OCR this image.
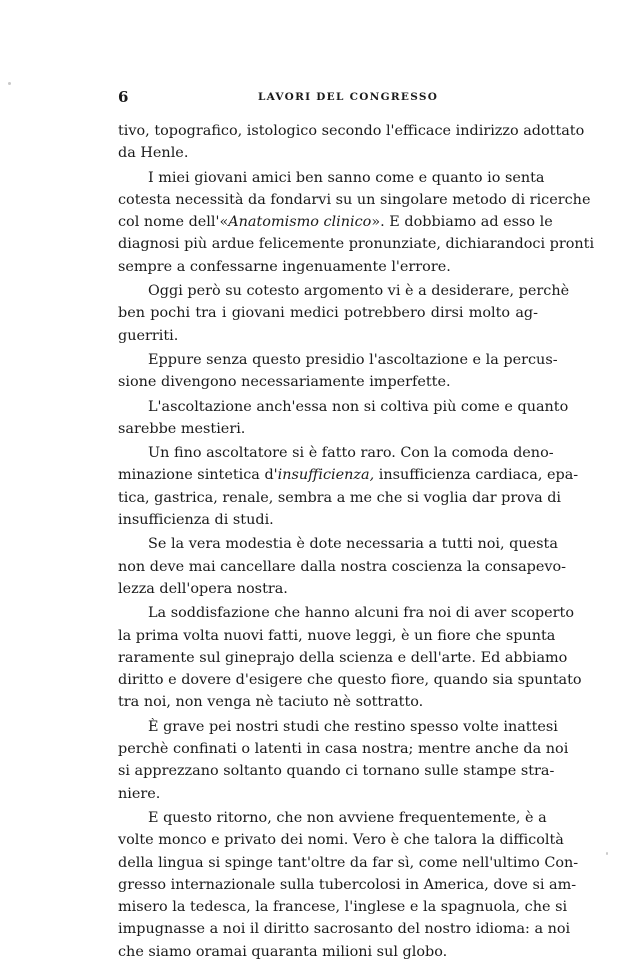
6	LAVORI DEL CONGRESSO
tivo, topografico, istologico secondo l'efficace indirizzo adottato
da Henle.
I miei giovani amici ben sanno come e quanto io senta
cotesta necessità da fondarvi su un singolare metodo di ricerche
col nome dell'«Anatomismo clinico». E dobbiamo ad esso le
diagnosi più ardue felicemente pronunziate, dichiarandoci pronti
sempre a confessarne ingenuamente l'errore.
Oggi però su cotesto argomento vi è a desiderare, perchè
ben pochi tra i giovani medici potrebbero dirsi molto ag-
guerriti.
Eppure senza questo presidio l'ascoltazione e la percus-
sione divengono necessariamente imperfette.
L'ascoltazione anch'essa non si coltiva più come e quanto
sarebbe mestieri.
Un fino ascoltatore si è fatto raro. Con la comoda deno-
minazione sintetica d'insufficienza, insufficienza cardiaca, epa-
tica, gastrica, renale, sembra a me che si voglia dar prova di
insufficienza di studi.
Se la vera modestia è dote necessaria a tutti noi, questa
non deve mai cancellare dalla nostra coscienza la consapevo-
lezza dell'opera nostra.
La soddisfazione che hanno alcuni fra noi di aver scoperto
la prima volta nuovi fatti, nuove leggi, è un fiore che spunta
raramente sul gineprajo della scienza e dell'arte. Ed abbiamo
diritto e dovere d'esigere che questo fiore, quando sia spuntato
tra noi, non venga nè taciuto nè sottratto.
È grave pei nostri studi che restino spesso volte inattesi
perchè confinati o latenti in casa nostra; mentre anche da noi
si apprezzano soltanto quando ci tornano sulle stampe stra-
niere.
E questo ritorno, che non avviene frequentemente, è a
volte monco e privato dei nomi. Vero è che talora la difficoltà
della lingua si spinge tant'oltre da far sì, come nell'ultimo Con-
gresso internazionale sulla tubercolosi in America, dove si am-
misero la tedesca, la francese, l'inglese e la spagnuola, che si
impugnasse a noi il diritto sacrosanto del nostro idioma: a noi
che siamo oramai quaranta milioni sul globo.
